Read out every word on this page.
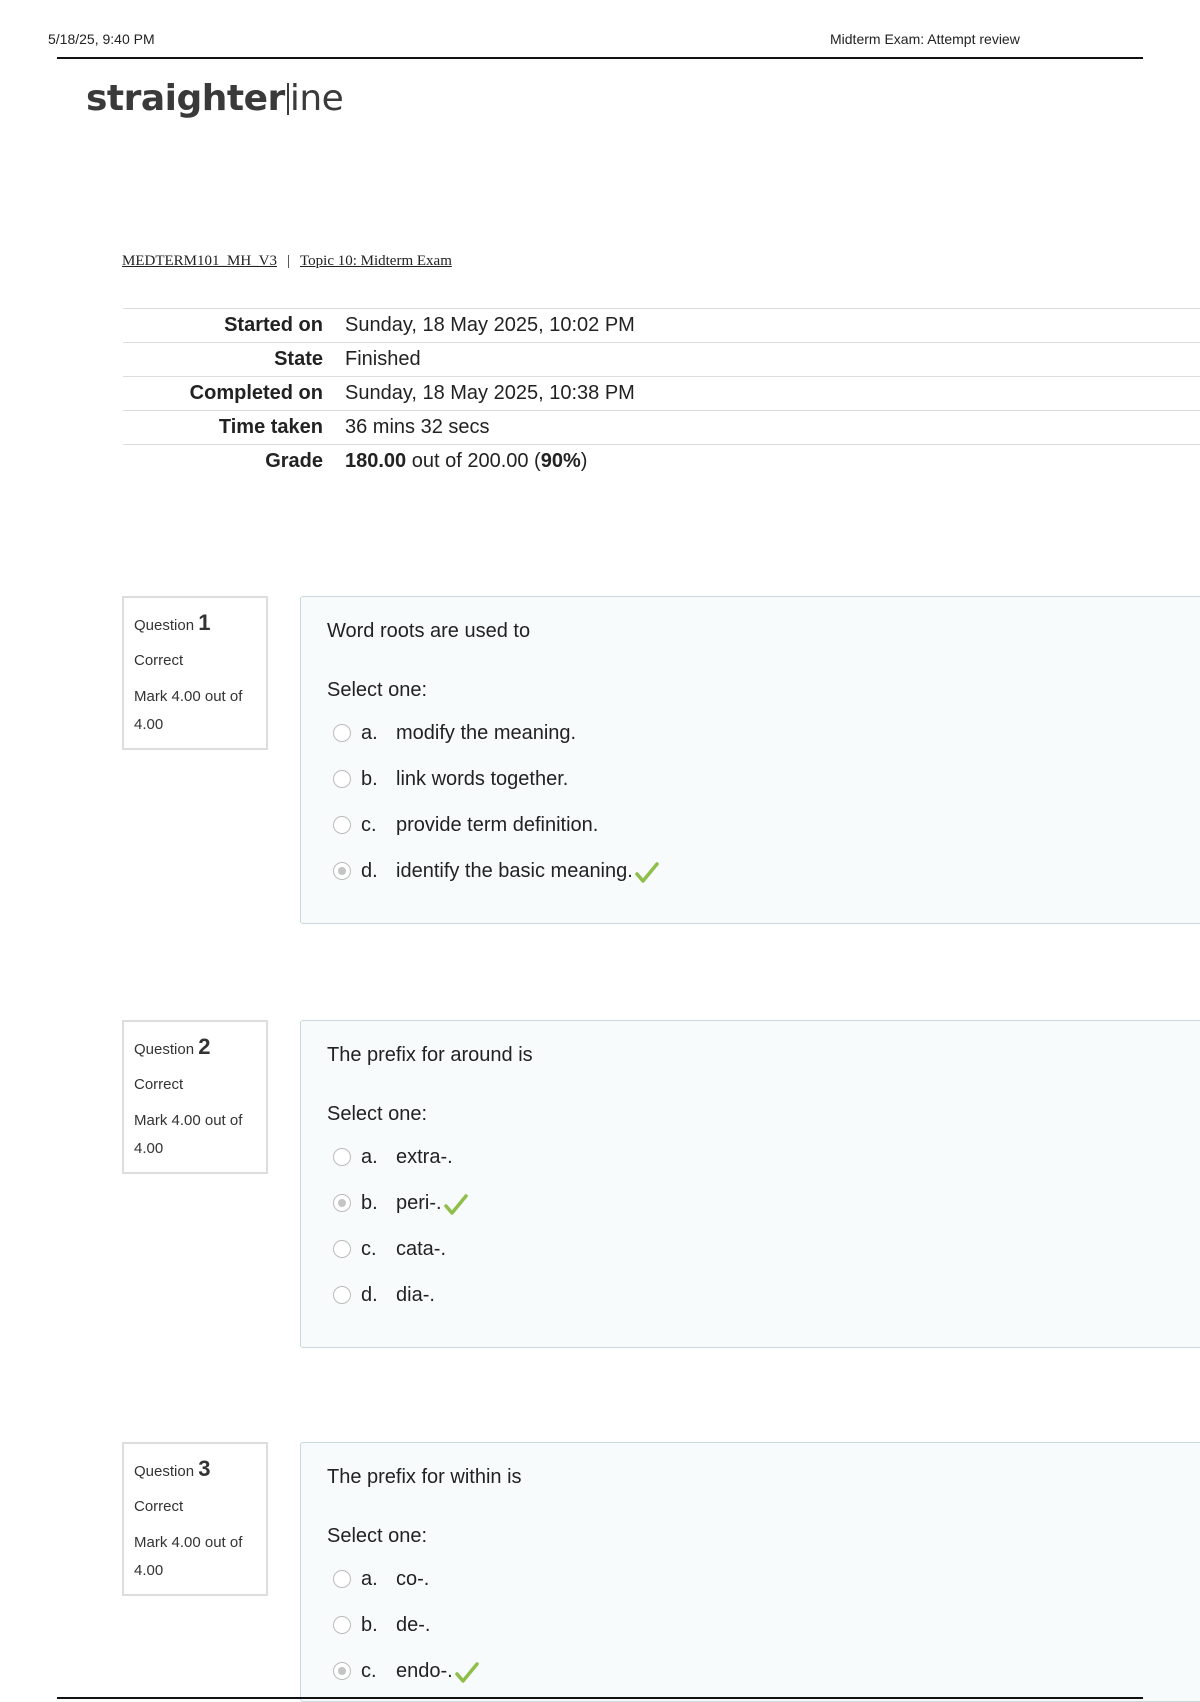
5/18/25, 9:40 PM	Midterm Exam: Attempt review
straighter ine
MEDTERM101_MH_V3 | Topic 10: Midterm Exam
Started on	Sunday, 18 May 2025, 10:02 PM
State	Finished
Completed on	Sunday, 18 May 2025, 10:38 PM
Time taken	36 mins 32 secs
Grade	180.00 out of 200.00 (90%)
Question 1
Correct
Mark 4.00 out of 4.00
Word roots are used to
Select one:
a. modify the meaning.
b. link words together.
c. provide term definition.
d. identify the basic meaning.
Question 2
Correct
Mark 4.00 out of 4.00
The prefix for around is
Select one:
a. extra-.
b. peri-.
c. cata-.
d. dia-.
Question 3
Correct
Mark 4.00 out of 4.00
The prefix for within is
Select one:
a. co-.
b. de-.
c. endo-.
